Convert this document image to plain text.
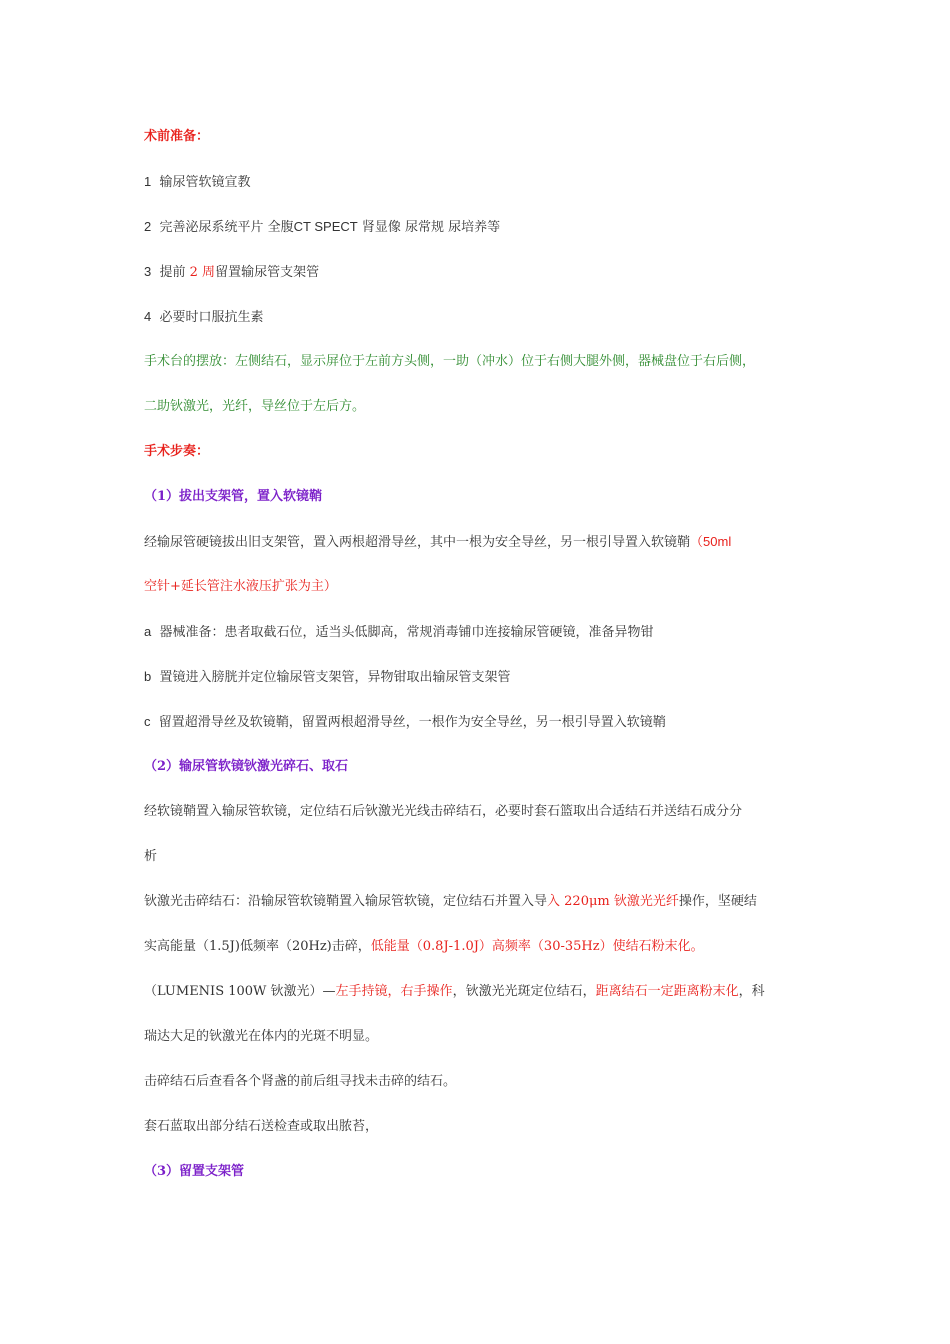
术前准备：
1 输尿管软镜宣教
2 完善泌尿系统平片 全腹CT SPECT 肾显像 尿常规 尿培养等
3 提前 2 周留置输尿管支架管
4 必要时口服抗生素
手术台的摆放：左侧结石，显示屏位于左前方头侧，一助（冲水）位于右侧大腿外侧，器械盘位于右后侧，
二助钬激光，光纤，导丝位于左后方。
手术步奏：
（1）拔出支架管，置入软镜鞘
经输尿管硬镜拔出旧支架管，置入两根超滑导丝，其中一根为安全导丝，另一根引导置入软镜鞘（50ml
空针+延长管注水液压扩张为主）
a 器械准备：患者取截石位，适当头低脚高，常规消毒铺巾连接输尿管硬镜，准备异物钳
b 置镜进入膀胱并定位输尿管支架管，异物钳取出输尿管支架管
c 留置超滑导丝及软镜鞘，留置两根超滑导丝，一根作为安全导丝，另一根引导置入软镜鞘
（2）输尿管软镜钬激光碎石、取石
经软镜鞘置入输尿管软镜，定位结石后钬激光光线击碎结石，必要时套石篮取出合适结石并送结石成分分
析
钬激光击碎结石：沿输尿管软镜鞘置入输尿管软镜，定位结石并置入导入 220μm 钬激光光纤操作，坚硬结
实高能量（1.5J)低频率（20Hz)击碎，低能量（0.8J-1.0J）高频率（30-35Hz）使结石粉末化。
（LUMENIS 100W 钬激光）—左手持镜，右手操作，钬激光光斑定位结石，距离结石一定距离粉末化，科
瑞达大足的钬激光在体内的光斑不明显。
击碎结石后查看各个肾盏的前后组寻找未击碎的结石。
套石蓝取出部分结石送检查或取出脓苔，
（3）留置支架管
